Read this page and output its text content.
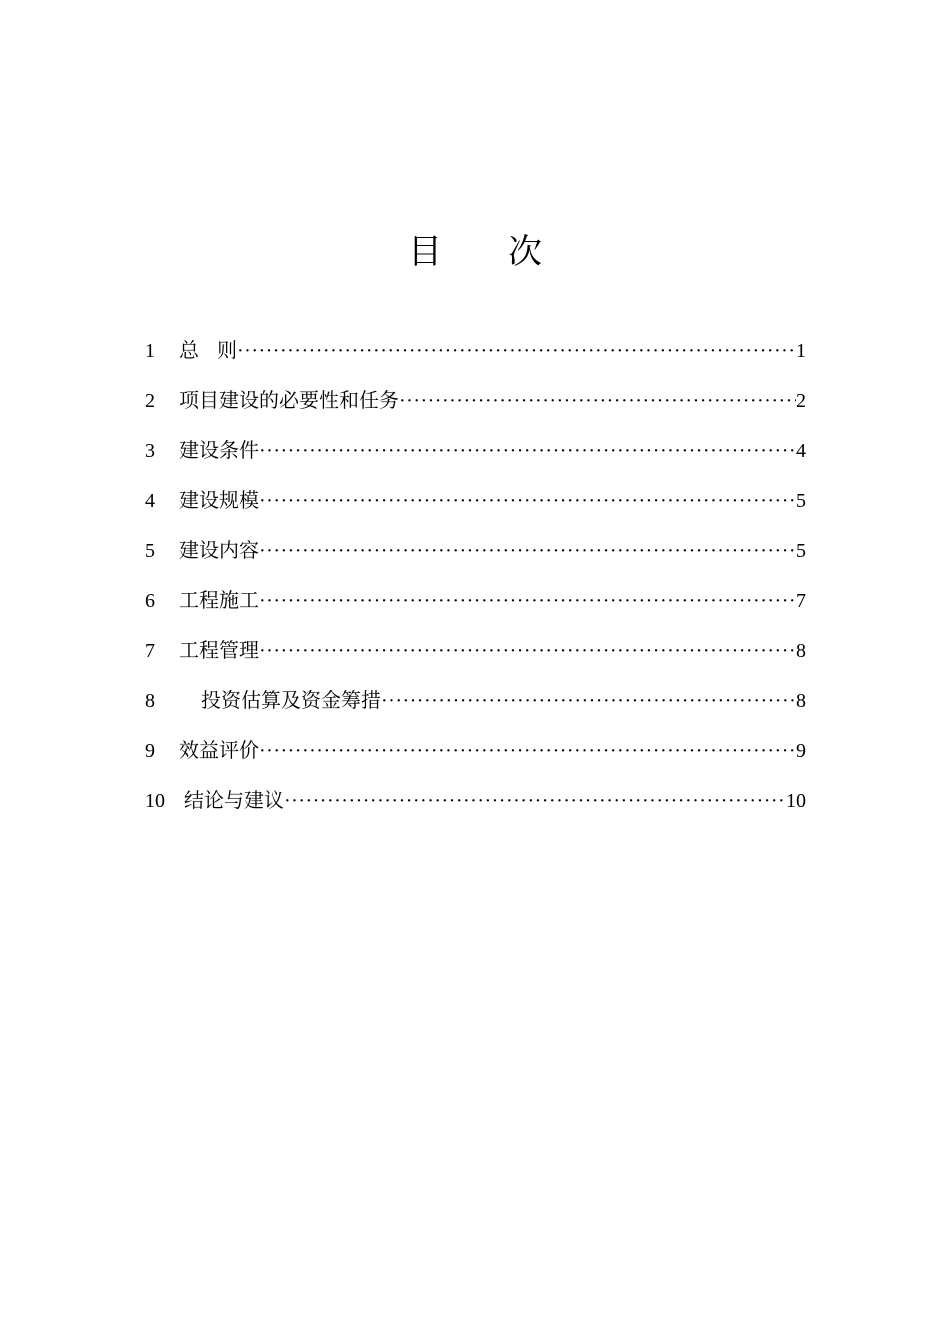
目次
1	总则 ·····	1
2	项目建设的必要性和任务 ·····	2
3	建设条件 ·····	4
4	建设规模 ·····	5
5	建设内容 ·····	5
6	工程施工 ·····	7
7	工程管理 ·····	8
8	投资估算及资金筹措 ·····	8
9	效益评价 ·····	9
10 结论与建议 ·····	10
